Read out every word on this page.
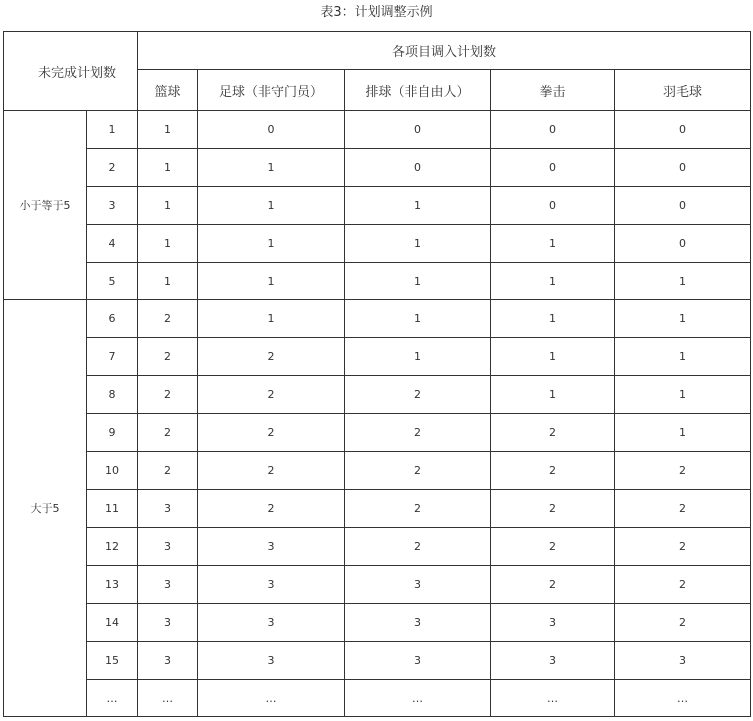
表3：计划调整示例
未完成计划数		各项目调入计划数				
		篮球	足球（非守门员）	排球（非自由人）	拳击	羽毛球
小于等于5	1	1	0	0	0	0
	2	1	1	0	0	0
	3	1	1	1	0	0
	4	1	1	1	1	0
	5	1	1	1	1	1
大于5	6	2	1	1	1	1
	7	2	2	1	1	1
	8	2	2	2	1	1
	9	2	2	2	2	1
	10	2	2	2	2	2
	11	3	2	2	2	2
	12	3	3	2	2	2
	13	3	3	3	2	2
	14	3	3	3	3	2
	15	3	3	3	3	3
	…	…	…	…	…	…
